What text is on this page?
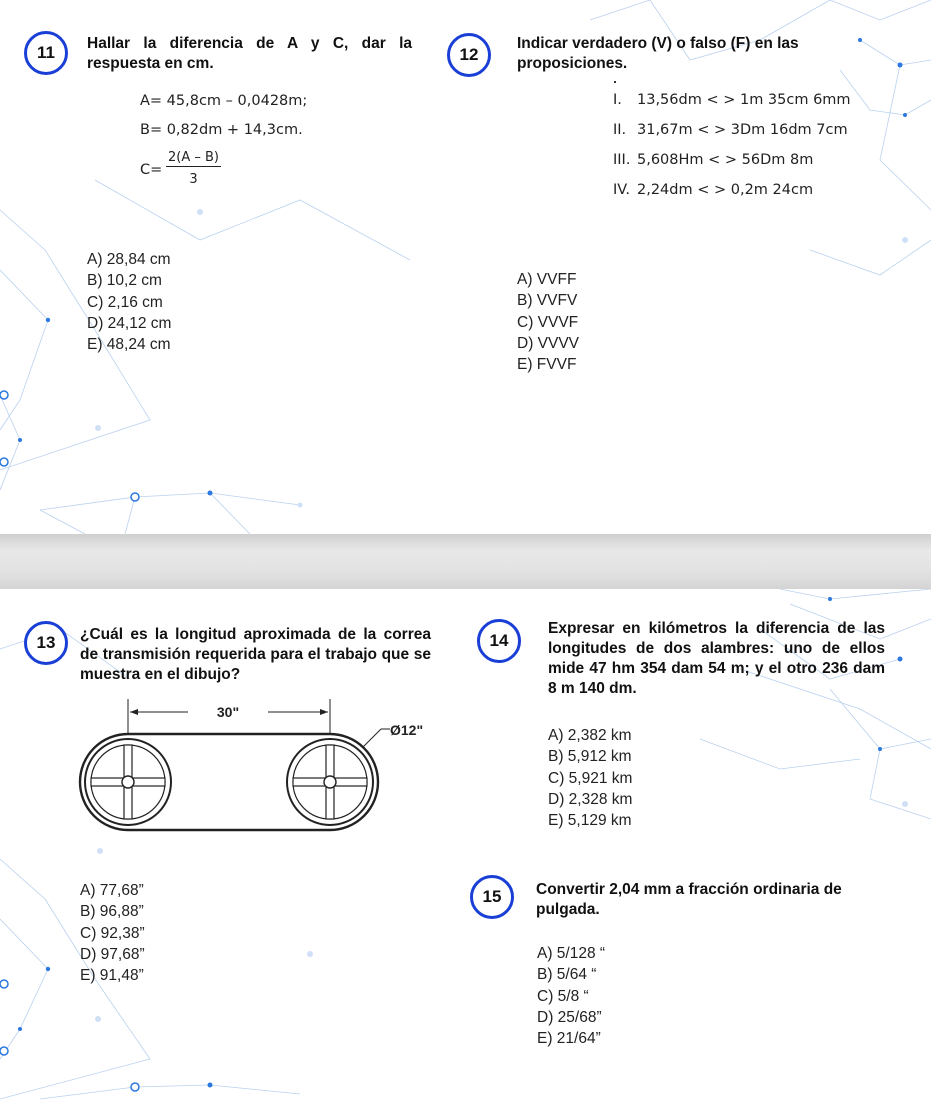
11 Hallar la diferencia de A y C, dar la respuesta en cm.
A= 45,8cm – 0,0428m;
B= 0,82dm + 14,3cm.
$C= \frac{2(A - B)}{3}$
A) 28,84 cm
B) 10,2 cm
C) 2,16 cm
D) 24,12 cm
E) 48,24 cm
12
Indicar verdadero (V) o falso (F) en las proposiciones.
I. 13,56dm < > 1m 35cm 6mm
II. 31,67m < > 3Dm 16dm 7cm
III. 5,608Hm < > 56Dm 8m
IV. 2,24dm < > 0,2m 24cm
A) VVFF
B) VVFV
C) VVVF
D) VVVV
E) FVVF
13 ¿Cuál es la longitud aproximada de la correa de transmisión requerida para el trabajo que se muestra en el dibujo?
30"
Ø12"
A) 77,68”
B) 96,88”
C) 92,38”
D) 97,68”
E) 91,48”
14
Expresar en kilómetros la diferencia de las longitudes de dos alambres: uno de ellos mide 47 hm 354 dam 54 m; y el otro 236 dam 8 m 140 dm.
A) 2,382 km
B) 5,912 km
C) 5,921 km
D) 2,328 km
E) 5,129 km
15 Convertir 2,04 mm a fracción ordinaria de pulgada.
A) 5/128 “
B) 5/64 “
C) 5/8 “
D) 25/68”
E) 21/64”
